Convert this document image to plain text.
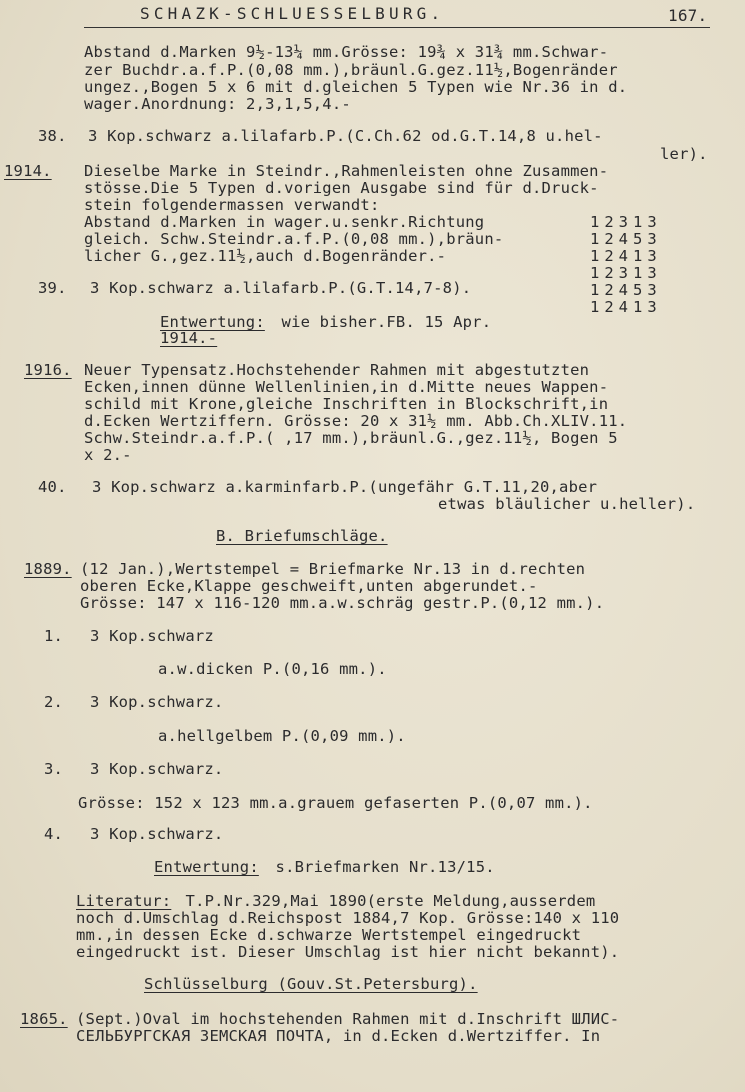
SCHAZK-SCHLUESSELBURG.	167.
Abstand d.Marken 9½-13¼ mm.Grösse: 19¾ x 31¾ mm.Schwar-
zer Buchdr.a.f.P.(0,08 mm.),bräunl.G.gez.11½,Bogenränder
ungez.,Bogen 5 x 6 mit d.gleichen 5 Typen wie Nr.36 in d.
wager.Anordnung: 2,3,1,5,4.-
38. 3 Kop.schwarz a.lilafarb.P.(C.Ch.62 od.G.T.14,8 u.hel-
ler).
1914. Dieselbe Marke in Steindr.,Rahmenleisten ohne Zusammen-
stösse.Die 5 Typen d.vorigen Ausgabe sind für d.Druck-
stein folgendermassen verwandt:
Abstand d.Marken in wager.u.senkr.Richtung
gleich. Schw.Steindr.a.f.P.(0,08 mm.),bräun-
licher G.,gez.11½,auch d.Bogenränder.-
12313
12453
12413
12313
12453
12413
39. 3 Kop.schwarz a.lilafarb.P.(G.T.14,7-8).
Entwertung: wie bisher.FB. 15 Apr.
1914.-
1916. Neuer Typensatz.Hochstehender Rahmen mit abgestutzten
Ecken,innen dünne Wellenlinien,in d.Mitte neues Wappen-
schild mit Krone,gleiche Inschriften in Blockschrift,in
d.Ecken Wertziffern. Grösse: 20 x 31½ mm. Abb.Ch.XLIV.11.
Schw.Steindr.a.f.P.( ,17 mm.),bräunl.G.,gez.11½, Bogen 5
x 2.-
40. 3 Kop.schwarz a.karminfarb.P.(ungefähr G.T.11,20,aber
etwas bläulicher u.heller).
B. Briefumschläge.
1889. (12 Jan.),Wertstempel = Briefmarke Nr.13 in d.rechten
oberen Ecke,Klappe geschweift,unten abgerundet.-
Grösse: 147 x 116-120 mm.a.w.schräg gestr.P.(0,12 mm.).
1. 3 Kop.schwarz
a.w.dicken P.(0,16 mm.).
2. 3 Kop.schwarz.
a.hellgelbem P.(0,09 mm.).
3. 3 Kop.schwarz.
Grösse: 152 x 123 mm.a.grauem gefaserten P.(0,07 mm.).
4. 3 Kop.schwarz.
Entwertung: s.Briefmarken Nr.13/15.
Literatur: T.P.Nr.329,Mai 1890(erste Meldung,ausserdem
noch d.Umschlag d.Reichspost 1884,7 Kop. Grösse:140 x 110
mm.,in dessen Ecke d.schwarze Wertstempel eingedruckt
eingedruckt ist. Dieser Umschlag ist hier nicht bekannt).
Schlüsselburg (Gouv.St.Petersburg).
1865. (Sept.)Oval im hochstehenden Rahmen mit d.Inschrift ШЛИС-
СЕЛЬБУРГСКАЯ ЗЕМСКАЯ ПОЧТА, in d.Ecken d.Wertziffer. In
